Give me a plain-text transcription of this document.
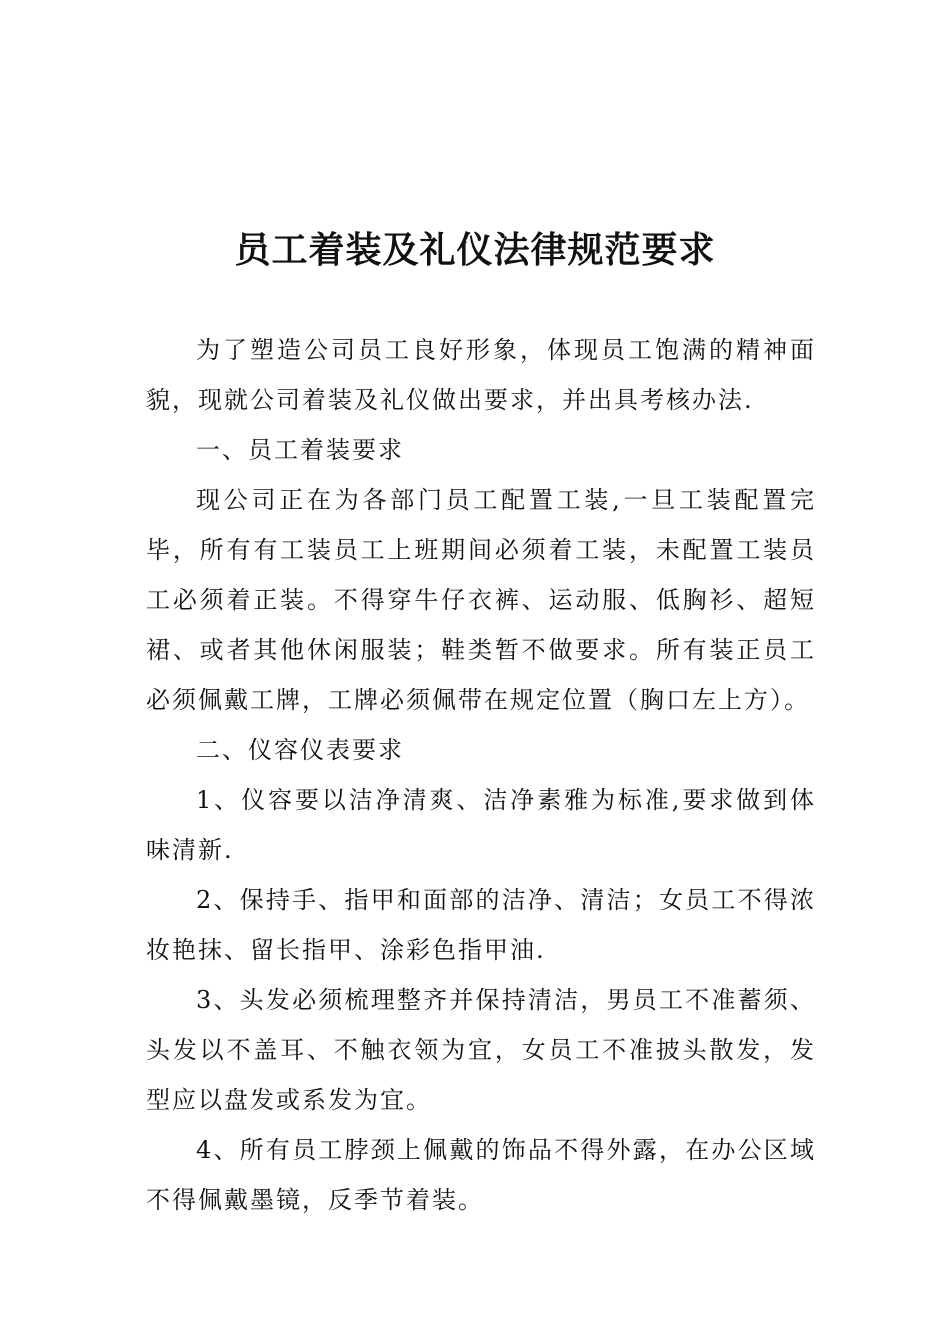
员工着装及礼仪法律规范要求

为了塑造公司员工良好形象，体现员工饱满的精神面貌，现就公司着装及礼仪做出要求，并出具考核办法.

一、员工着装要求

现公司正在为各部门员工配置工装,一旦工装配置完毕，所有有工装员工上班期间必须着工装，未配置工装员工必须着正装。不得穿牛仔衣裤、运动服、低胸衫、超短裙、或者其他休闲服装；鞋类暂不做要求。所有装正员工必须佩戴工牌，工牌必须佩带在规定位置（胸口左上方）。

二、仪容仪表要求

1、仪容要以洁净清爽、洁净素雅为标准,要求做到体味清新.

2、保持手、指甲和面部的洁净、清洁；女员工不得浓妆艳抹、留长指甲、涂彩色指甲油.

3、头发必须梳理整齐并保持清洁，男员工不准蓄须、头发以不盖耳、不触衣领为宜，女员工不准披头散发，发型应以盘发或系发为宜。

4、所有员工脖颈上佩戴的饰品不得外露，在办公区域不得佩戴墨镜，反季节着装。
